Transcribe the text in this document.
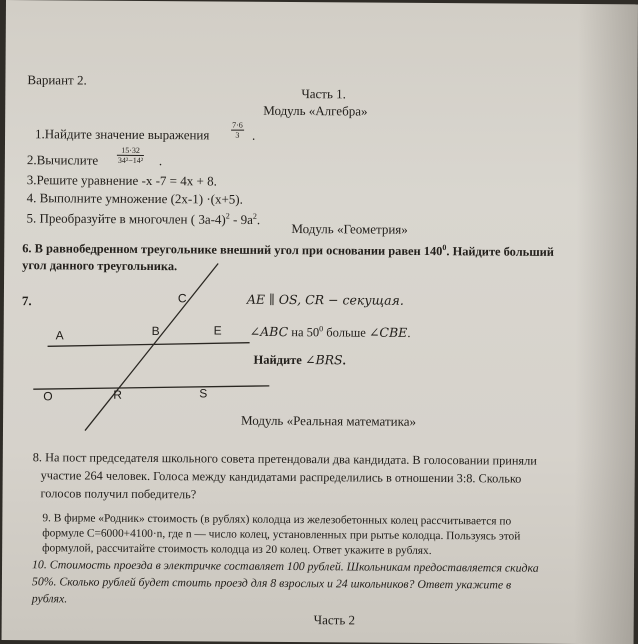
Вариант 2.
Часть 1.
Модуль «Алгебра»
1.Найдите значение выражения	$\frac{7\cdot 6}{3}$ .
2.Вычислите $\frac{15\cdot 32}{\text{34²−14²}}$ .
3.Решите уравнение -х -7 = 4х + 8.
4. Выполните умножение (2х-1) ·(х+5).
5. Преобразуйте в многочлен ( $3а-4)^2 - 9а^2$.
Модуль «Геометрия»
6. В равнобедренном треугольнике внешний угол при основании равен $140^0$. Найдите больший
угол данного треугольника.
7.	C
A	B	E
O	R	S
AE ∥ OS, CR − секущая.
∠ABC на $50^0$ больше ∠CBE.
Найдите ∠BRS.
Модуль «Реальная математика»
8. На пост председателя школьного совета претендовали два кандидата. В голосовании приняли
участие 264 человек. Голоса между кандидатами распределились в отношении 3:8. Сколько
голосов получил победитель?
9. В фирме «Родник» стоимость (в рублях) колодца из железобетонных колец рассчитывается по
формуле С=6000+4100·n, где n — число колец, установленных при рытье колодца. Пользуясь этой
формулой, рассчитайте стоимость колодца из 20 колец. Ответ укажите в рублях.
10. Стоимость проезда в электричке составляет 100 рублей. Школьникам предоставляется скидка
50%. Сколько рублей будет стоить проезд для 8 взрослых и 24 школьников? Ответ укажите в
рублях.
Часть 2
